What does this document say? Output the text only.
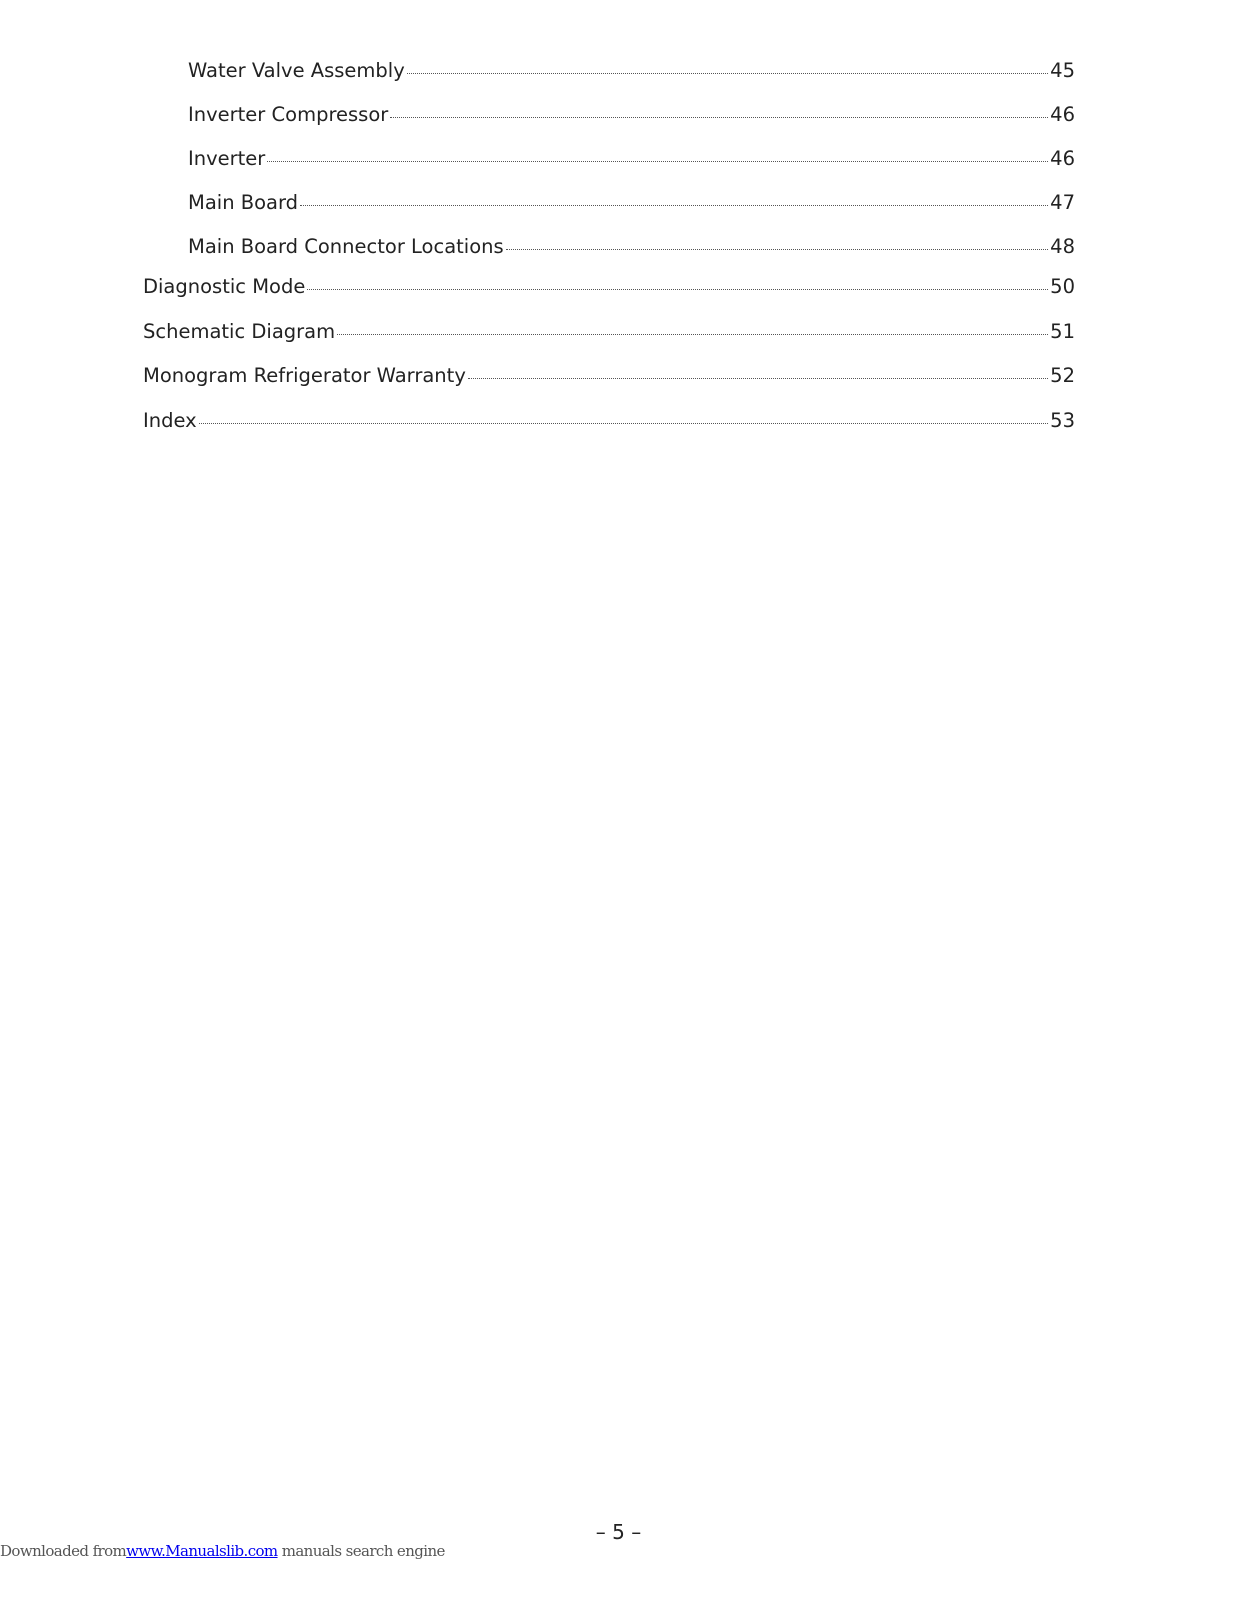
Water Valve Assembly	45
Inverter Compressor	46
Inverter	46
Main Board	47
Main Board Connector Locations	48
Diagnostic Mode	50
Schematic Diagram	51
Monogram Refrigerator Warranty	52
Index	53
– 5 –
Downloaded fromwww.Manualslib.com manuals search engine
